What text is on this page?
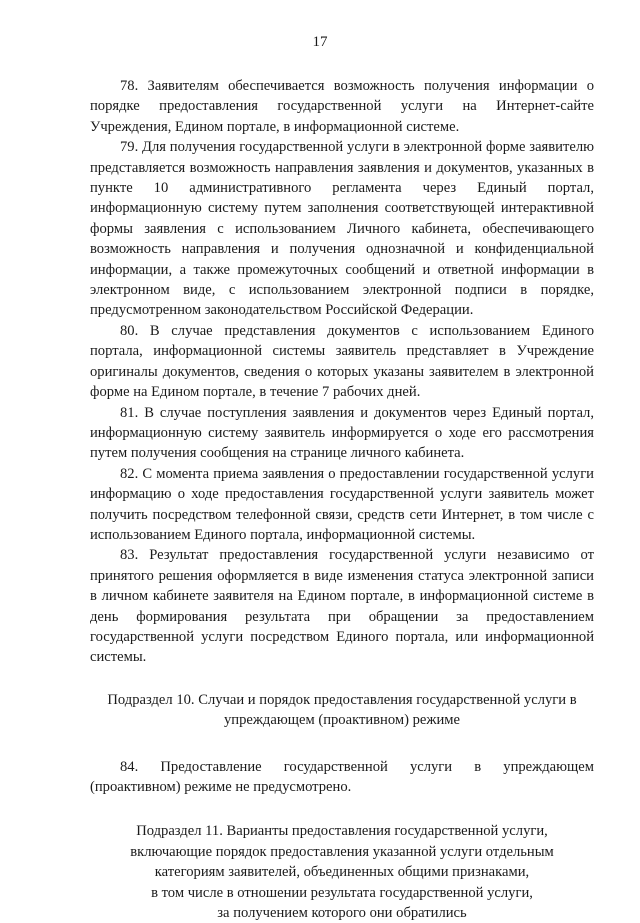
17

78. Заявителям обеспечивается возможность получения информации о порядке предоставления государственной услуги на Интернет-сайте Учреждения, Едином портале, в информационной системе.

79. Для получения государственной услуги в электронной форме заявителю представляется возможность направления заявления и документов, указанных в пункте 10 административного регламента через Единый портал, информационную систему путем заполнения соответствующей интерактивной формы заявления с использованием Личного кабинета, обеспечивающего возможность направления и получения однозначной и конфиденциальной информации, а также промежуточных сообщений и ответной информации в электронном виде, с использованием электронной подписи в порядке, предусмотренном законодательством Российской Федерации.

80. В случае представления документов с использованием Единого портала, информационной системы заявитель представляет в Учреждение оригиналы документов, сведения о которых указаны заявителем в электронной форме на Едином портале, в течение 7 рабочих дней.

81. В случае поступления заявления и документов через Единый портал, информационную систему заявитель информируется о ходе его рассмотрения путем получения сообщения на странице личного кабинета.

82. С момента приема заявления о предоставлении государственной услуги информацию о ходе предоставления государственной услуги заявитель может получить посредством телефонной связи, средств сети Интернет, в том числе с использованием Единого портала, информационной системы.

83. Результат предоставления государственной услуги независимо от принятого решения оформляется в виде изменения статуса электронной записи в личном кабинете заявителя на Едином портале, в информационной системе в день формирования результата при обращении за предоставлением государственной услуги посредством Единого портала, или информационной системы.

Подраздел 10. Случаи и порядок предоставления государственной услуги в
упреждающем (проактивном) режиме

84. Предоставление государственной услуги в упреждающем (проактивном) режиме не предусмотрено.

Подраздел 11. Варианты предоставления государственной услуги,
включающие порядок предоставления указанной услуги отдельным
категориям заявителей, объединенных общими признаками,
в том числе в отношении результата государственной услуги,
за получением которого они обратились
